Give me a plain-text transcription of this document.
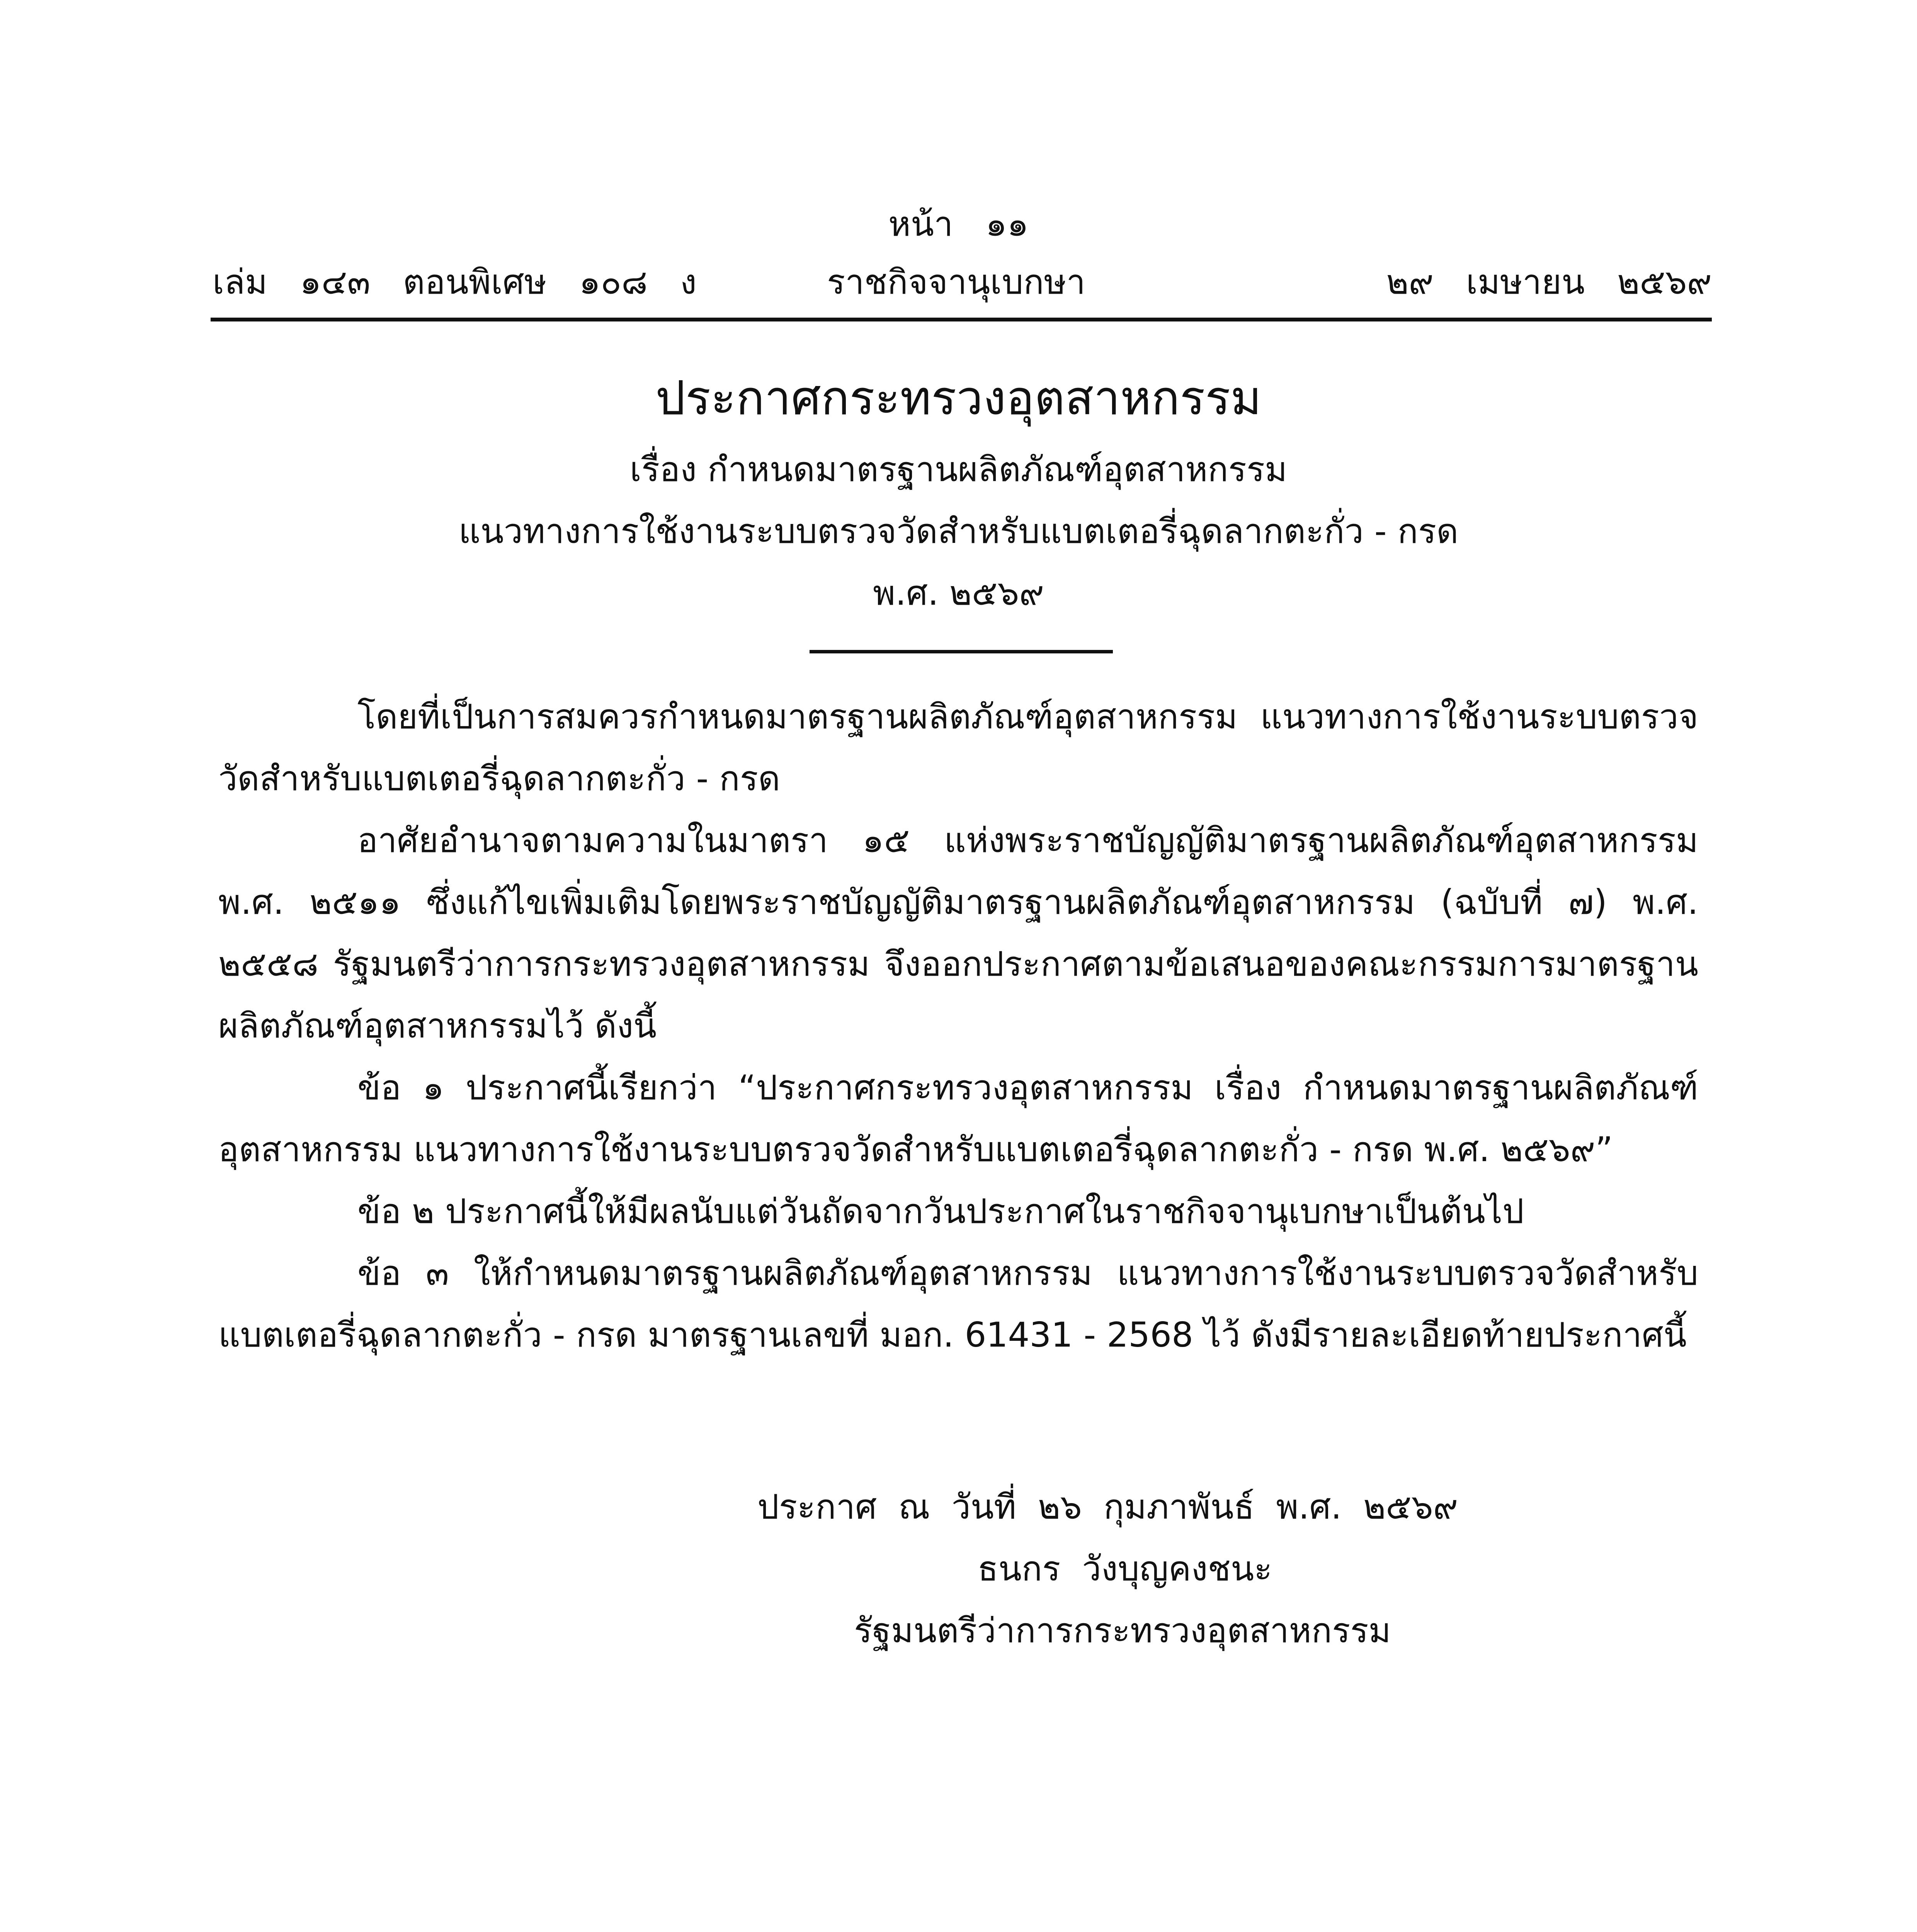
หน้า   ๑๑
เล่ม   ๑๔๓   ตอนพิเศษ   ๑๐๘   ง	ราชกิจจานุเบกษา	๒๙   เมษายน   ๒๕๖๙
ประกาศกระทรวงอุตสาหกรรม
เรื่อง กำหนดมาตรฐานผลิตภัณฑ์อุตสาหกรรม
แนวทางการใช้งานระบบตรวจวัดสำหรับแบตเตอรี่ฉุดลากตะกั่ว - กรด
พ.ศ. ๒๕๖๙

โดยที่เป็นการสมควรกำหนดมาตรฐานผลิตภัณฑ์อุตสาหกรรม แนวทางการใช้งานระบบตรวจวัดสำหรับแบตเตอรี่ฉุดลากตะกั่ว - กรด

อาศัยอำนาจตามความในมาตรา ๑๕ แห่งพระราชบัญญัติมาตรฐานผลิตภัณฑ์อุตสาหกรรม พ.ศ. ๒๕๑๑ ซึ่งแก้ไขเพิ่มเติมโดยพระราชบัญญัติมาตรฐานผลิตภัณฑ์อุตสาหกรรม (ฉบับที่ ๗) พ.ศ. ๒๕๕๘ รัฐมนตรีว่าการกระทรวงอุตสาหกรรม จึงออกประกาศตามข้อเสนอของคณะกรรมการมาตรฐานผลิตภัณฑ์อุตสาหกรรมไว้ ดังนี้

ข้อ ๑ ประกาศนี้เรียกว่า “ประกาศกระทรวงอุตสาหกรรม เรื่อง กำหนดมาตรฐานผลิตภัณฑ์อุตสาหกรรม แนวทางการใช้งานระบบตรวจวัดสำหรับแบตเตอรี่ฉุดลากตะกั่ว - กรด พ.ศ. ๒๕๖๙”

ข้อ ๒ ประกาศนี้ให้มีผลนับแต่วันถัดจากวันประกาศในราชกิจจานุเบกษาเป็นต้นไป

ข้อ ๓ ให้กำหนดมาตรฐานผลิตภัณฑ์อุตสาหกรรม แนวทางการใช้งานระบบตรวจวัดสำหรับแบตเตอรี่ฉุดลากตะกั่ว - กรด มาตรฐานเลขที่ มอก. 61431 - 2568 ไว้ ดังมีรายละเอียดท้ายประกาศนี้

ประกาศ  ณ  วันที่  ๒๖  กุมภาพันธ์  พ.ศ.  ๒๕๖๙
ธนกร  วังบุญคงชนะ
รัฐมนตรีว่าการกระทรวงอุตสาหกรรม
